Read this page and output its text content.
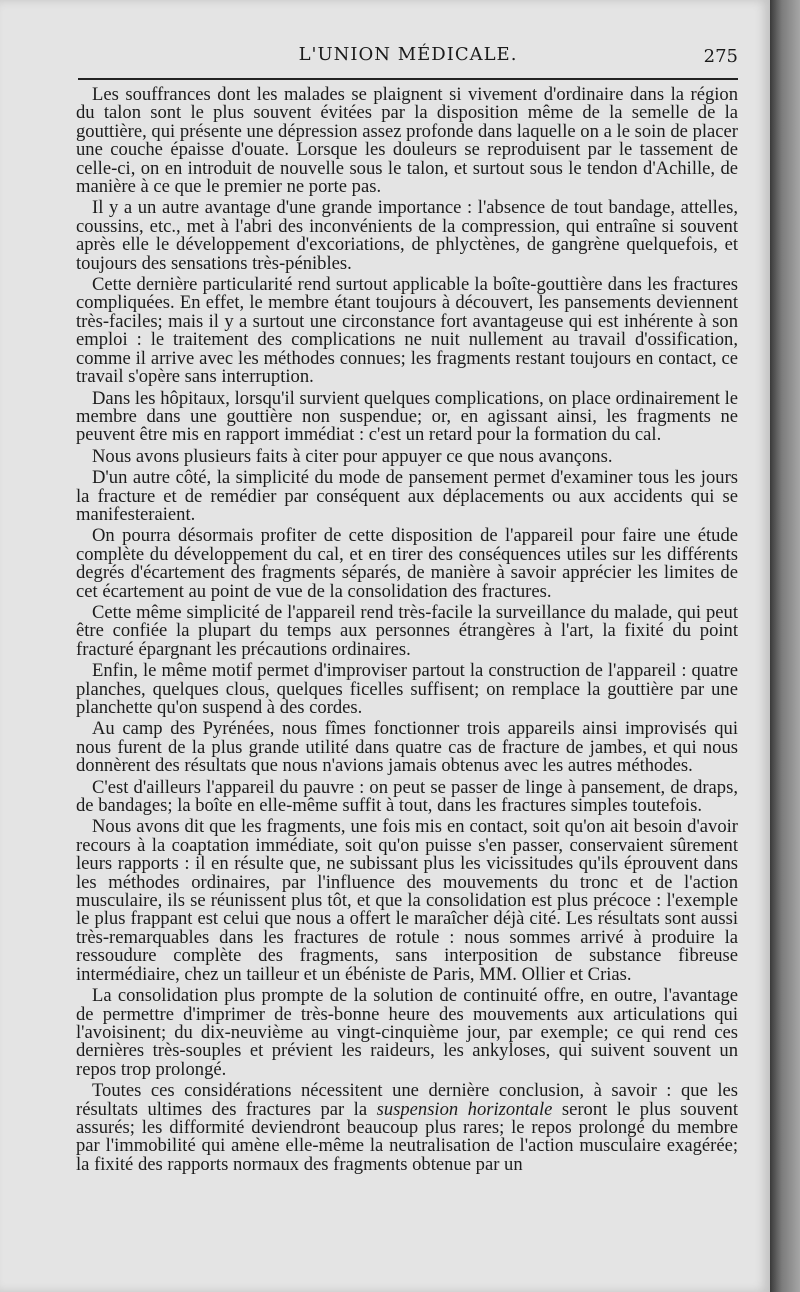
L'UNION MÉDICALE.	275

Les souffrances dont les malades se plaignent si vivement d'ordinaire dans la région du talon sont le plus souvent évitées par la disposition même de la semelle de la gouttière, qui présente une dépression assez profonde dans laquelle on a le soin de placer une couche épaisse d'ouate. Lorsque les douleurs se reproduisent par le tassement de celle-ci, on en introduit de nouvelle sous le talon, et surtout sous le tendon d'Achille, de manière à ce que le premier ne porte pas.

Il y a un autre avantage d'une grande importance : l'absence de tout bandage, attelles, coussins, etc., met à l'abri des inconvénients de la compression, qui entraîne si souvent après elle le développement d'excoriations, de phlyctènes, de gangrène quelquefois, et toujours des sensations très-pénibles.

Cette dernière particularité rend surtout applicable la boîte-gouttière dans les fractures compliquées. En effet, le membre étant toujours à découvert, les pansements deviennent très-faciles; mais il y a surtout une circonstance fort avantageuse qui est inhérente à son emploi : le traitement des complications ne nuit nullement au travail d'ossification, comme il arrive avec les méthodes connues; les fragments restant toujours en contact, ce travail s'opère sans interruption.

Dans les hôpitaux, lorsqu'il survient quelques complications, on place ordinairement le membre dans une gouttière non suspendue; or, en agissant ainsi, les fragments ne peuvent être mis en rapport immédiat : c'est un retard pour la formation du cal.

Nous avons plusieurs faits à citer pour appuyer ce que nous avançons.

D'un autre côté, la simplicité du mode de pansement permet d'examiner tous les jours la fracture et de remédier par conséquent aux déplacements ou aux accidents qui se manifesteraient.

On pourra désormais profiter de cette disposition de l'appareil pour faire une étude complète du développement du cal, et en tirer des conséquences utiles sur les différents degrés d'écartement des fragments séparés, de manière à savoir apprécier les limites de cet écartement au point de vue de la consolidation des fractures.

Cette même simplicité de l'appareil rend très-facile la surveillance du malade, qui peut être confiée la plupart du temps aux personnes étrangères à l'art, la fixité du point fracturé épargnant les précautions ordinaires.

Enfin, le même motif permet d'improviser partout la construction de l'appareil : quatre planches, quelques clous, quelques ficelles suffisent; on remplace la gouttière par une planchette qu'on suspend à des cordes.

Au camp des Pyrénées, nous fîmes fonctionner trois appareils ainsi improvisés qui nous furent de la plus grande utilité dans quatre cas de fracture de jambes, et qui nous donnèrent des résultats que nous n'avions jamais obtenus avec les autres méthodes.

C'est d'ailleurs l'appareil du pauvre : on peut se passer de linge à pansement, de draps, de bandages; la boîte en elle-même suffit à tout, dans les fractures simples toutefois.

Nous avons dit que les fragments, une fois mis en contact, soit qu'on ait besoin d'avoir recours à la coaptation immédiate, soit qu'on puisse s'en passer, conservaient sûrement leurs rapports : il en résulte que, ne subissant plus les vicissitudes qu'ils éprouvent dans les méthodes ordinaires, par l'influence des mouvements du tronc et de l'action musculaire, ils se réunissent plus tôt, et que la consolidation est plus précoce : l'exemple le plus frappant est celui que nous a offert le maraîcher déjà cité. Les résultats sont aussi très-remarquables dans les fractures de rotule : nous sommes arrivé à produire la ressoudure complète des fragments, sans interposition de substance fibreuse intermédiaire, chez un tailleur et un ébéniste de Paris, MM. Ollier et Crias.

La consolidation plus prompte de la solution de continuité offre, en outre, l'avantage de permettre d'imprimer de très-bonne heure des mouvements aux articulations qui l'avoisinent; du dix-neuvième au vingt-cinquième jour, par exemple; ce qui rend ces dernières très-souples et prévient les raideurs, les ankyloses, qui suivent souvent un repos trop prolongé.

Toutes ces considérations nécessitent une dernière conclusion, à savoir : que les résultats ultimes des fractures par la suspension horizontale seront le plus souvent assurés; les difformité deviendront beaucoup plus rares; le repos prolongé du membre par l'immobilité qui amène elle-même la neutralisation de l'action musculaire exagérée; la fixité des rapports normaux des fragments obtenue par un
